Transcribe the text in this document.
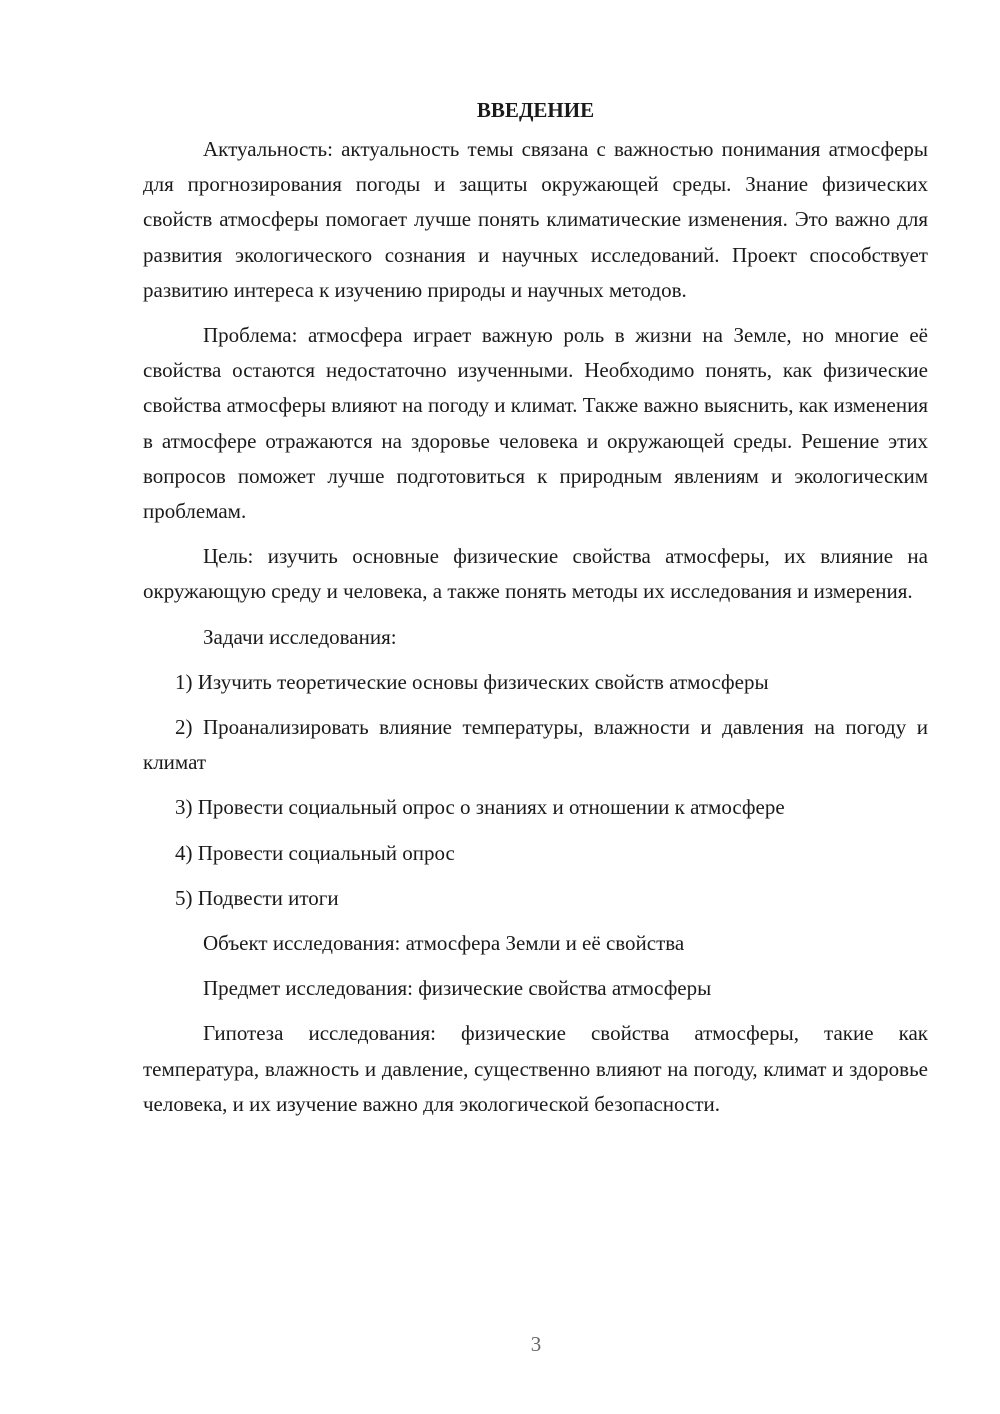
ВВЕДЕНИЕ

Актуальность: актуальность темы связана с важностью понимания атмосферы для прогнозирования погоды и защиты окружающей среды. Знание физических свойств атмосферы помогает лучше понять климатические изменения. Это важно для развития экологического сознания и научных исследований. Проект способствует развитию интереса к изучению природы и научных методов.

Проблема: атмосфера играет важную роль в жизни на Земле, но многие её свойства остаются недостаточно изученными. Необходимо понять, как физические свойства атмосферы влияют на погоду и климат. Также важно выяснить, как изменения в атмосфере отражаются на здоровье человека и окружающей среды. Решение этих вопросов поможет лучше подготовиться к природным явлениям и экологическим проблемам.

Цель: изучить основные физические свойства атмосферы, их влияние на окружающую среду и человека, а также понять методы их исследования и измерения.

Задачи исследования:

1) Изучить теоретические основы физических свойств атмосферы

2) Проанализировать влияние температуры, влажности и давления на погоду и климат

3) Провести социальный опрос о знаниях и отношении к атмосфере

4) Провести социальный опрос

5) Подвести итоги

Объект исследования: атмосфера Земли и её свойства

Предмет исследования: физические свойства атмосферы

Гипотеза исследования: физические свойства атмосферы, такие как температура, влажность и давление, существенно влияют на погоду, климат и здоровье человека, и их изучение важно для экологической безопасности.

3
